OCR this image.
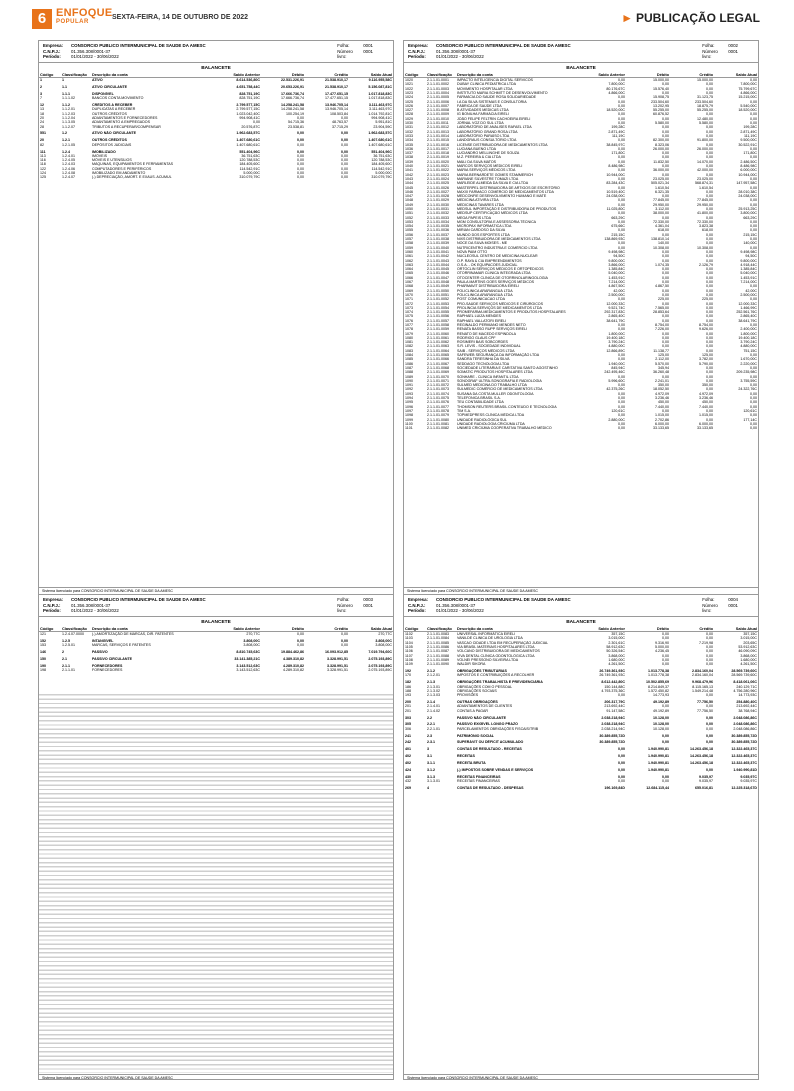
6 ENFOQUE
POPULAR
SEXTA-FEIRA, 14 DE OUTUBRO DE 2022	► PUBLICAÇÃO LEGAL
Empresa:	CONSORCIO PUBLICO INTERMUNICIPAL DE SAUDE DA AMESC
C.N.P.J.:	01.356.308/0001-37
Período:	01/01/2022 - 30/06/2022
Folha:	0001
Número livro:
0001
BALANCETE
Código	Classificação	Descrição da conta	Saldo Anterior	Débito	Crédito	Saldo Atual
1	1	ATIVO	8.614.536,80C	22.531.226,91	21.538.910,17	9.116.955,58C

2	1.1	ATIVO CIRCULANTE	4.651.758,44C	20.653.226,91	21.538.910,17	5.156.087,81C

3	1.1.1	DISPONÍVEL	828.751,19C	17.666.736,74	17.477.651,15	1.017.818,83C
7	1.1.1.02	BANCOS CONTA MOVIMENTO	828.751,19C	17.666.736,74	17.477.651,15	1.017.818,83C

12	1.1.2	CRÉDITOS A RECEBER	2.799.577,15C	14.258.241,58	13.946.705,14	3.111.463,97C
13	1.1.2.01	DUPLICATAS A RECEBER	2.799.577,15C	14.258.241,58	13.946.705,14	3.111.463,97C
18	1.1.2.03	OUTROS CRÉDITOS	1.023.042,40C	100.254,19	108.503,84	1.014.792,81C
20	1.1.2.04	ADIANTAMENTOS E FORNECEDORES	994.908,41C	0,00	0,00	994.908,41C
24	1.1.3.05	ADIANTAMENTO A EMPREGADOS	0,00	54.715,36	48.763,57	5.951,81C
28	1.1.2.07	TRIBUTOS A RECUPERAR/COMPENSAR	20.576,87C	23.538,81	37.715,29	23.904,59C

551	1.2	ATIVO NÃO CIRCULANTE	1.962.683,57C	0,00	0,00	1.962.683,57C

20	1.2.1	OUTROS CRÉDITOS	1.407.680,61C	0,00	0,00	1.407.680,61C
82	1.2.1.05	DEPÓSITOS JUDICIAIS	1.407.680,61C	0,00	0,00	1.407.680,61C

111	1.2.4	IMOBILIZADO	551.404,96C	0,00	0,00	551.404,96C
113	1.2.4.01	IMÓVEIS	36.751,63C	0,00	0,00	36.751,63C
116	1.2.4.05	MÓVEIS E UTENSÍLIOS	120.788,53C	0,00	0,00	120.788,53C
118	1.2.4.03	MÁQUINAS, EQUIPAMENTOS E FERRAMENTAS	184.405,60C	0,00	0,00	184.405,60C
122	1.2.4.06	COMPUTADORES E PERIFÉRICOS	114.542,91C	0,00	0,00	114.542,91C
124	1.2.4.08	IMOBILIZADO EM ANDAMENTO	5.000,00C	0,00	0,00	5.000,00C
125	1.2.4.07	(-) DEPRECIAÇÃO, AMORT. E EXAUS. ACUMUL	310.079,79C	0,00	0,00	310.079,79C
Sistema licenciado para CONSORCIO INTERMUNICIPAL DE SAUDE DA AMESC
Empresa:	CONSORCIO PUBLICO INTERMUNICIPAL DE SAUDE DA AMESC
C.N.P.J.:	01.356.308/0001-37
Período:	01/01/2022 - 30/06/2022
Folha:	0003
Número livro:
0001
BALANCETE
Código	Classificação	Descrição da conta	Saldo Anterior	Débito	Crédito	Saldo Atual
121	1.2.4.07.0000	(-) AMORTIZAÇÃO DE MARCAS, DIR. PATENTES	270,77C	0,00	0,00	270,77C

152	1.2.5	INTANGÍVEL	3.808,00C	0,00	0,00	3.808,00C
153	1.2.5.01	MARCAS, SERVIÇOS E PATENTES	3.808,00C	0,00	0,00	3.808,00C

146	2	PASSIVO	8.810.745,63C	19.884.462,86	16.093.912,85	7.019.794,60C

150	2.1	PASSIVO CIRCULANTE	33.141.385,21C	4.389.310,82	3.328.991,51	2.075.193,89C

190	2.1.1	FORNECEDORES	3.143.512,63C	4.289.310,82	3.328.991,51	2.075.193,89C
198	2.1.1.01	FORNECEDORES	3.143.512,63C	4.289.310,82	3.328.991,51	2.075.193,89C
Sistema licenciado para CONSORCIO INTERMUNICIPAL DE SAUDE DA AMESC
Empresa:	CONSORCIO PUBLICO INTERMUNICIPAL DE SAUDE DA AMESC
C.N.P.J.:	01.356.308/0001-37
Período:	01/01/2022 - 30/06/2022
Folha:	0002
Número livro:
0001
BALANCETE
Código	Classificação	Descrição da conta	Saldo Anterior	Débito	Crédito	Saldo Atual
1020	2.1.1.01.0001	IMPACTO INTELIGENCIA DIGITAL SERVICOS	0,00	15.000,00	15.000,00	0,00
1021	2.1.1.01.0002	DUBAY CLINICA PEDIATRICA LTDA	7.800,00C	0,00	0,00	7.800,00C
1022	2.1.1.01.0003	MOVIMENTO HOSPITALAR LTDA	80.176,67C	15.576,40	0,00	75.799,67C
1023	2.1.1.01.0004	INSTITUTO MARIA SCHMITT DE DESENVOLVIMENTO	4.866,00C	0,00	0,00	4.866,00C
1024	2.1.1.01.0005	FARMÁCIA DO SAÚDE ROSA SOLIDARIEDADE	0,00	15.908,75	31.123,75	15.215,00C
1025	2.1.1.01.0006	I.A DA SILVA SISTEMAS E CONSULTORIA	0,00	233.504,60	233.504,60	0,00
1026	2.1.1.01.0007	FÁBRICA DE SAÚDE LTDA	0,00	13.202,95	18.875,79	5.540,00C
1027	2.1.1.01.0008	B ATIVIDADES MEDICAS LTDA	18.520,00C	55.255,00	55.255,00	18.520,00C
1028	2.1.1.01.0009	IG BONILHA FARMÁCIA EIRELI	0,00	60.876,52	0,00	0,00
1029	2.1.1.01.0010	JOÃO FELIPE FELTRIN CACHOEIRA EIRELI	0,00	0,00	12.480,00	0,00
1030	2.1.1.01.0011	JORNAL VOZ DO SUL LTDA	0,00	5.580,00	5.580,00	0,00
1031	2.1.1.01.0012	LABORATÓRIO DE ANÁLISES RAFAEL LTDA	199,28C	0,00	0,00	199,28C
1032	2.1.1.01.0013	LABORATÓRIO GRAND ROSA LTDA	2.871,49C	0,00	0,00	2.871,49C
1033	2.1.1.01.0014	LABORATÓRIO PARAÍSO LTDA	111,19C	0,00	0,00	111,19C
1034	2.1.1.01.0015	LANDGRAUS CONSULTÓRIO LTDA	0,00	82.300,00	91.800,00	9.500,00C
1035	2.1.1.01.0016	LICENSE DISTRIBUIDORA DE MEDICAMENTOS LTDA	38.845,97C	8.323,06	0,00	30.522,91C
1036	2.1.1.01.0017	LUCIANA BUENO LTDA	0,00	26.000,00	26.000,00	0,00
1037	2.1.1.01.0018	LUCIANDRO MELLINGHE DE SOUZA	171,80C	0,00	0,00	171,80C
1038	2.1.1.01.0019	M.Z. PEREIRA & CIA LTDA	0,00	0,00	0,00	0,00
1039	2.1.1.01.0020	MAILI DA SILVA MATOS	0,00	11.832,50	14.070,00	2.486,50C
1040	2.1.1.01.0021	MARCOS SERVIÇOS MÉDICOS EIRELI	8.486,98C	0,00	0,00	8.486,98C
1041	2.1.1.01.0022	MARIA SERVIÇOS MÉDICOS LTDA	0,00	36.000,00	42.000,00	6.000,00C
1042	2.1.1.01.0023	MARIA BERNARDETE GOMES STAMMERICH	10.944,00C	0,00	0,00	10.944,00C
1043	2.1.1.01.0024	MARIANE SILVESTRE TOMAZI LTDA	0,00	23.025,00	23.025,00	0,00
1044	2.1.1.01.0025	MARLEIDE ALMEIDA DA SILVA E CIA LTDA	83.284,43C	505.021,34	568.874,31	147.957,58C
1045	2.1.1.01.0026	MASTERPEL DISTRIBUIDORA DE ARTIGOS DE ESCRITÓRIO	0,00	1.610,54	1.610,54	0,00
1046	2.1.1.01.0027	MAXXI FARMACO COMÉRCIO DE MEDICAMENTOS LTDA	10.519,40C	6.321,35	0,00	28.010,38C
1047	2.1.1.01.0028	MEDCONFIE DESENVOLVIMENTO HUMANO E MATE	24.038,00C	0,00	0,00	24.038,00C
1048	2.1.1.01.0029	MEDICINA ATIVIRA LTDA	0,00	77.845,00	77.845,00	0,00
1049	2.1.1.01.0030	MEDICINAS TAVARES LTDA	0,00	29.950,00	29.950,00	0,00
1050	2.1.1.01.0031	MEDSUL IMPORTAÇÃO E DISTRIBUIDORA DE PRODUTOS	11.025,80C	3.112,00	0,00	25.913,25C
1051	2.1.1.01.0032	MEDSUP CERTIFICAÇÃO MÉDICOS LTDA	0,00	38.000,00	41.800,00	3.800,00C
1052	2.1.1.01.0033	MEGA PAPEIS LTDA	663,29C	0,00	0,00	663,29C
1053	2.1.1.01.0034	MGM CONSULTORIA E ASSESSORIA TÉCNICA	0,00	72.330,00	72.330,00	0,00
1054	2.1.1.01.0035	MICROPAX INFORMÁTICA LTDA	675,66C	4.361,04	3.823,38	0,00
1055	2.1.1.01.0036	MIRIAN CARDOSO DA SILVA	0,00	618,00	618,00	0,00
1056	2.1.1.01.0037	MUNDO DOS ESPORTES LTDA	215,15C	0,00	0,00	215,15C
1057	2.1.1.01.0038	NIXS DISTRIBUIDORA DE MEDICAMENTOS LTDA	138.869,93C	138.810,14	0,00	0,00
1058	2.1.1.01.0039	NOCE DA SILVA MOISES - ME	0,00	140,00	0,00	140,00C
1059	2.1.1.01.0040	NUTRICENTRO INDÚSTRIA E COMÉRCIO LTDA	0,00	10.308,00	10.308,00	0,00
1060	2.1.1.01.0041	NOVA PAIM OTTO	9.498,98C	0,00	0,00	9.498,98C
1061	2.1.1.01.0042	NUCLEOSUL CENTRO DE MEDICINA NUCLEAR	94,50C	0,00	0,00	94,50C
1062	2.1.1.01.0043	O.P. RAYA & CIA EMPREENDIMENTOS	9.800,00C	0,00	0,00	9.800,00C
1063	2.1.1.01.0044	O.S.A. - OK EQUIPACOES JUDICIAL	3.866,00C	1.074,35	2.126,79	4.918,44C
1064	2.1.1.01.0045	ORTOCLIN SERVIÇOS MÉDICOS E ORTOPÉDICOS	1.385,84C	0,00	0,00	1.385,84C
1065	2.1.1.01.0046	OTORRINAMAR CLINICA INTEGRADA LTDA	5.040,00C	0,00	0,00	5.040,00C
1066	2.1.1.01.0047	OTOCENTER CLÍNICA DE OTORRINOLARINGOLOGIA	1.453,91C	0,00	0,00	1.453,91C
1067	2.1.1.01.0048	PAULA MARTINS GOES SERVIÇOS MÉDICOS	7.214,00C	0,00	0,00	7.214,00C
1068	2.1.1.01.0049	PHARMAVIT DISTRIBUIDORA EIRELI	4.867,50C	4.867,50	0,00	0,00
1069	2.1.1.01.0050	POLICLINICA ARARANGUÁ LTDA	42,00C	0,00	0,00	42,00C
1070	2.1.1.01.0051	POLICLINICA ARARANGUÁ LTDA	2.500,00C	0,00	0,00	2.500,00C
1071	2.1.1.01.0052	POST COMUNICACAO LTDA	0,00	225,00	225,00	0,00
1072	2.1.1.01.0053	PRO-SAÚDE SERVIÇOS MÉDICOS E CIRÚRGICOS	12.000,33C	0,00	0,00	12.000,33C
1073	2.1.1.01.0054	PROLÍNCIA SERVIÇOS DE MEDICAMENTOS LTDA	9.521,74C	7.565,00	0,00	1.466,99C
1074	2.1.1.01.0055	PROMEFARMA MEDICAMENTOS E PRODUTOS HOSPITALARES	292.317,83C	28.853,64	0,00	252.561,76C
1075	2.1.1.01.0056	RAPHAEL LUIZA MENDES	2.865,40C	0,00	0,00	2.865,40C
1076	2.1.1.01.0057	RAPHAEL VALLATORI EIRELI	38.641,79C	0,00	0,00	38.641,79C
1077	2.1.1.01.0058	REGINALDO PERMIANO MENDES NETO	0,00	8.754,00	8.754,00	0,00
1078	2.1.1.01.0059	RENATA BASSO RUPP SERVIÇOS EIRELI	0,00	7.226,00	9.626,00	2.400,00C
1079	2.1.1.01.0060	RENATO DE MACEDO ESPINDOLA	1.800,00C	0,00	0,00	1.800,00C
1080	2.1.1.01.0061	RODRIGO GLAUS CPF	19.400,18C	0,00	0,00	19.400,18C
1081	2.1.1.01.0062	ROSIMERI BAIS SOBCORDES	3.790,24C	0,00	0,00	3.790,24C
1082	2.1.1.01.0063	S.R. LEVIS - SOCIEDADE INDIVIDUAL	4.880,00C	0,00	0,00	4.880,00C
1083	2.1.1.01.0064	SAIB - SERVIÇOS MÉDICOS LTDA	12.866,89C	11.138,77	0,00	751,15C
1084	2.1.1.01.0065	SAFEWEB SEGURANÇA DA INFORMAÇÃO LTDA	0,00	125,00	125,00	0,00
1085	2.1.1.01.0066	SANDRA TERESINHA DA SILVA	0,00	2.112,00	3.782,00	1.670,00C
1086	2.1.1.01.0067	SEDDAGO TECNOLOGIA LTDA	1.940,00C	5.570,00	5.790,00	2.220,00C
1087	2.1.1.01.0068	SOCIEDADE LITERÁRIA E CARITATIVA SANTO AGOSTINHO	845,94C	345,94	0,00	0,00
1088	2.1.1.01.0069	SOMATIC PRODUTOS HOSPITALARES LTDA	242.495,46C	36.260,48	0,00	209.235,98C
1089	2.1.1.01.0070	SONHARE - CLÍNICA INFANTIL LTDA	0,00	0,00	0,00	0,00
1090	2.1.1.01.0071	SONOGRAF ULTRA-SONOGRAFIA E RADIOLOGIA	5.996,60C	2.241,01	0,00	3.755,59C
1091	2.1.1.01.0072	SULMED MEDICINA DO TRABALHO LTDA	0,00	350,00	350,00	0,00
1092	2.1.1.01.0073	SULMEDIC COMÉRCIO DE MEDICAMENTOS LTDA	42.375,26C	18.052,50	0,00	24.322,76C
1093	2.1.1.01.0074	SUSANA DA COSTA MULLER ODONTOLOGIA	0,00	4.972,09	4.972,09	0,00
1094	2.1.1.01.0075	TELEFONICA BRASIL S.A.	0,00	3.236,46	3.236,46	0,00
1095	2.1.1.01.0076	TEU CONTABILIDADE LTDA	0,00	450,00	450,00	0,00
1096	2.1.1.01.0077	THOMSON REUTERS BRASIL CONTEUDO E TECNOLOGIA	0,00	7.440,00	7.440,00	0,00
1097	2.1.1.01.0078	TIM S.A.	120,61C	0,00	0,00	120,61C
1098	2.1.1.01.0079	TOPMEDPRESS CLÍNICA MÉDICA LTDA	0,00	1.015,00	1.015,00	0,00
1099	2.1.1.01.0080	UNIDADE RADIOLÓGICA SUL	2.880,00C	2.702,86	0,00	177,14C
1100	2.1.1.01.0081	UNIDADE RADIOLOGIA CRICIÚMA LTDA	0,00	6.000,00	6.000,00	0,00
1101	2.1.1.01.0082	UNIMED CRICIÚMA COOPERATIVA TRABALHO MÉDICO	0,00	33.133,65	33.133,65	0,00
Sistema licenciado para CONSORCIO INTERMUNICIPAL DE SAUDE DA AMESC
Empresa:	CONSORCIO PUBLICO INTERMUNICIPAL DE SAUDE DA AMESC
C.N.P.J.:	01.356.308/0001-37
Período:	01/01/2022 - 30/06/2022
Folha:	0004
Número livro:
0001
BALANCETE
Código	Classificação	Descrição da conta	Saldo Anterior	Débito	Crédito	Saldo Atual
1102	2.1.1.01.0083	UNIVERSAL INFORMÁTICA EIRELI	357,15C	0,00	0,00	357,15C
1103	2.1.1.01.0084	VANILDE CLINICA DE UROLOGIA LTDA	3.015,00C	0,00	0,00	3.015,00C
1104	2.1.1.01.0085	VASCAO CIDADE LTDA EM RECUPERAÇÃO JUDICIAL	2.301,61C	9.316,90	7.219,98	203,65C
1105	2.1.1.01.0086	VIA BRASIL MATERIAIS HOSPITALARES LTDA	58.912,63C	5.000,00	0,00	53.912,63C
1106	2.1.1.01.0087	VOLCANO DISTRIBUIDORA DE MEDICAMENTOS	50.326,54C	4.236,45	0,00	46.090,09C
1107	2.1.1.01.0088	VIVA DENTAL CLÍNICA ODONTOLÓGICA LTDA	3.868,00C	0,00	0,00	3.868,00C
1108	2.1.1.01.0089	VOLNEI PRESSONO SILVEIRA LTDA	1.680,00C	0,00	0,00	1.680,00C
1109	2.1.1.01.0090	WALDIR SIKORA	4.261,50C	0,00	0,00	4.261,50C

192	2.1.2	OBRIGAÇÕES TRIBUTÁRIAS	26.749.361,93C	1.013.778,38	2.834.160,04	28.569.739,60C
170	2.1.2.01	IMPOSTOS E CONTRIBUIÇÕES A RECOLHER	26.749.361,93C	1.013.778,38	2.834.160,04	28.569.739,60C

182	2.1.3	OBRIGAÇÕES TRABALHISTA E PREVIDENCIÁRIA	8.612.442,80C	10.502.855,69	9.968.479,96	8.418.061,06C
186	2.1.3.01	OBRIGAÇÕES COM O PESSOAL	150.144,88C	8.214.849,37	8.115.165,13	240.129,71C
188	2.1.3.02	OBRIGAÇÕES SOCIAIS	4.793.375,36C	1.572.450,82	1.549.214,48	4.756.280,96C
193	2.1.3.03	PROVISÕES	0,00	14.773,93	0,00	14.773,93C

200	2.1.4	OUTRAS OBRIGAÇÕES	206.317,79C	49.192,89	77.756,50	254.880,40C
201	2.1.4.01	ADIANTAMENTOS DE CLIENTES	213.692,44C	0,00	0,00	213.692,44C
201	2.1.4.02	CONTAS A PAGAR	91.147,58C	49.192,89	77.756,50	38.768,94C

303	2.2	PASSIVO NÃO CIRCULANTE	2.038.218,94C	10.128,00	0,00	2.048.086,86C

305	2.2.1	PASSIVO EXIGÍVEL LONGO PRAZO	2.038.218,94C	10.128,00	0,00	2.048.086,86C
306	2.2.1.01	PARCELAMENTOS OBRIGAÇÕES FISCAIS/TRIB	2.038.214,94C	10.128,00	0,00	2.048.086,86C

241	2.3	PATRIMÔNIO SOCIAL	30.389.855,72D	0,00	0,00	30.389.855,72D

242	2.3.1	SUPERÁVIT OU DÉFICIT ACUMULADO	30.389.855,72D	0,00	0,00	30.389.855,72D

401	3	CONTAS DE RESULTADO - RECEITAS	0,00	1.940.990,81	14.263.456,18	12.322.465,37C

402	3.1	RECEITAS	0,00	1.940.990,81	14.263.456,18	12.322.465,37C

402	3.1.1	RECEITA BRUTA	0,00	1.940.990,81	14.263.456,18	12.322.465,37C

424	3.1.2	(-) IMPOSTOS SOBRE VENDAS E SERVIÇOS	0,00	1.940.990,81	0,00	1.940.990,81D

430	3.1.3	RECEITAS FINANCEIRAS	0,00	0,00	9.035,97	9.035,97C
432	3.1.3.01	RECEITAS FINANCEIRAS	0,00	0,00	9.035,97	9.035,97C

269	4	CONTAS DE RESULTADO - DESPESAS	196.169,84D	12.684.115,44	655.016,81	12.225.318,67D
Sistema licenciado para CONSORCIO INTERMUNICIPAL DE SAUDE DA AMESC
